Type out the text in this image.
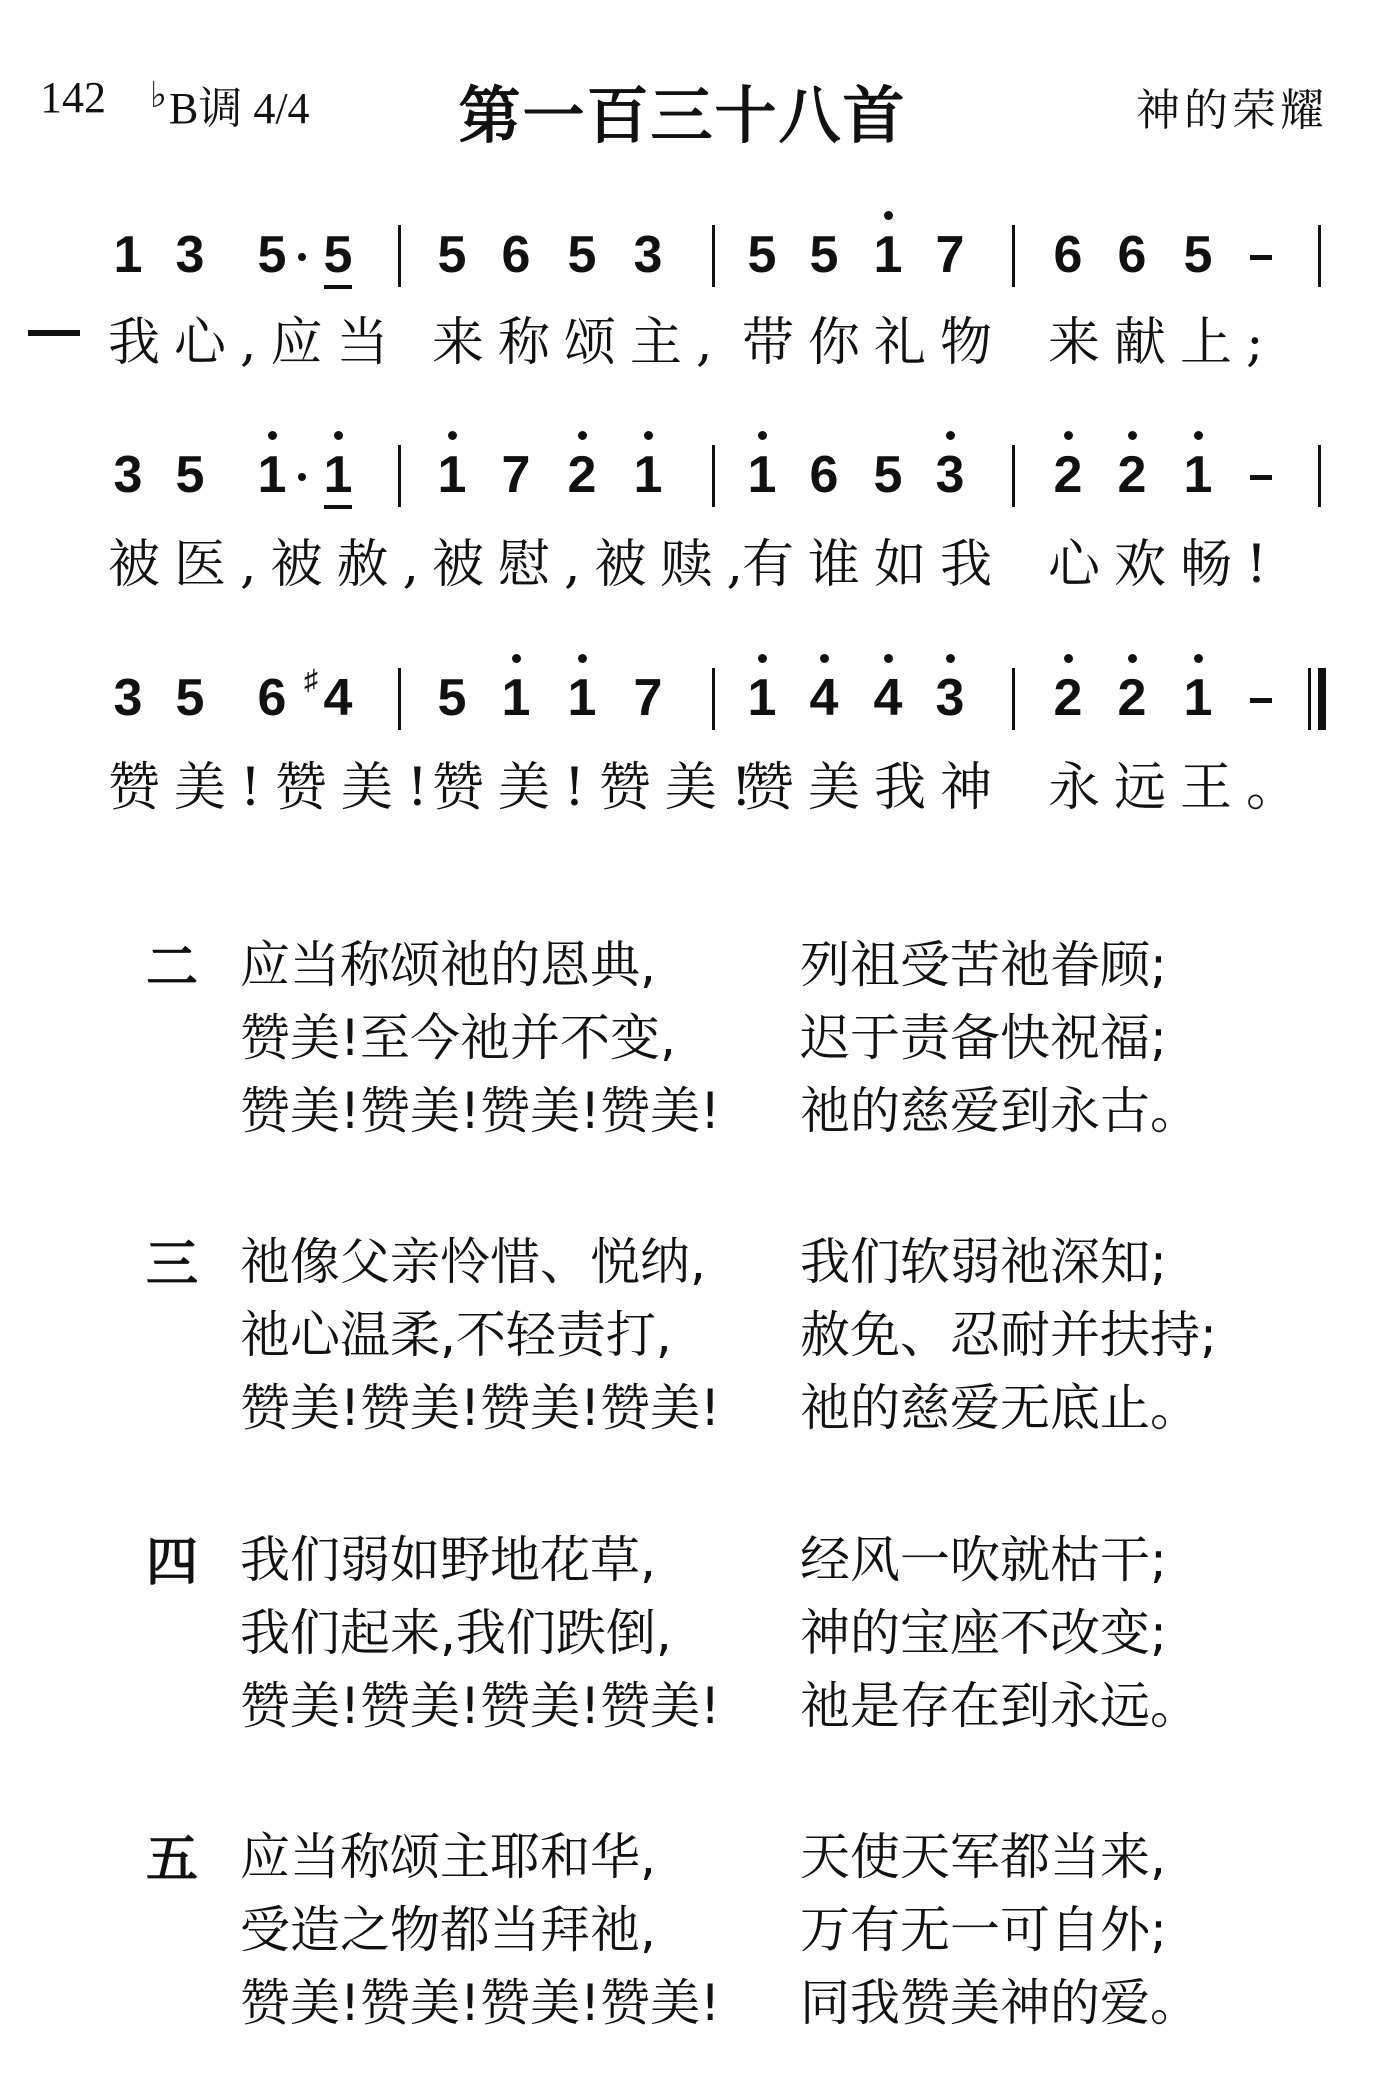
142 ♭B调 4/4	第一百三十八首	神的荣耀
1 3 5 5 5 6 5 3 5 5 1 7 6 6 5
我心,应当 来称颂主, 带你礼物 来献上;
3 5 1 1 1 7 2 1 1 6 5 3 2 2 1
被医,被赦,
被慰,被赎,
有谁如我 心欢畅!
3 5 6 ♯ 4 5 1 1 7 1 4 4 3 2 2 1
赞美!赞美!
赞美!赞美!
赞美我神 永远王。
二 应当称颂祂的恩典,
赞美!至今祂并不变,
赞美!赞美!赞美!赞美!
列祖受苦祂眷顾;
迟于责备快祝福;
祂的慈爱到永古。
三 祂像父亲怜惜、悦纳,
祂心温柔,不轻责打,
赞美!赞美!赞美!赞美!
我们软弱祂深知;
赦免、忍耐并扶持;
祂的慈爱无底止。
四 我们弱如野地花草,
我们起来,我们跌倒,
赞美!赞美!赞美!赞美!
经风一吹就枯干;
神的宝座不改变;
祂是存在到永远。
五 应当称颂主耶和华,
受造之物都当拜祂,
赞美!赞美!赞美!赞美!
天使天军都当来,
万有无一可自外;
同我赞美神的爱。
